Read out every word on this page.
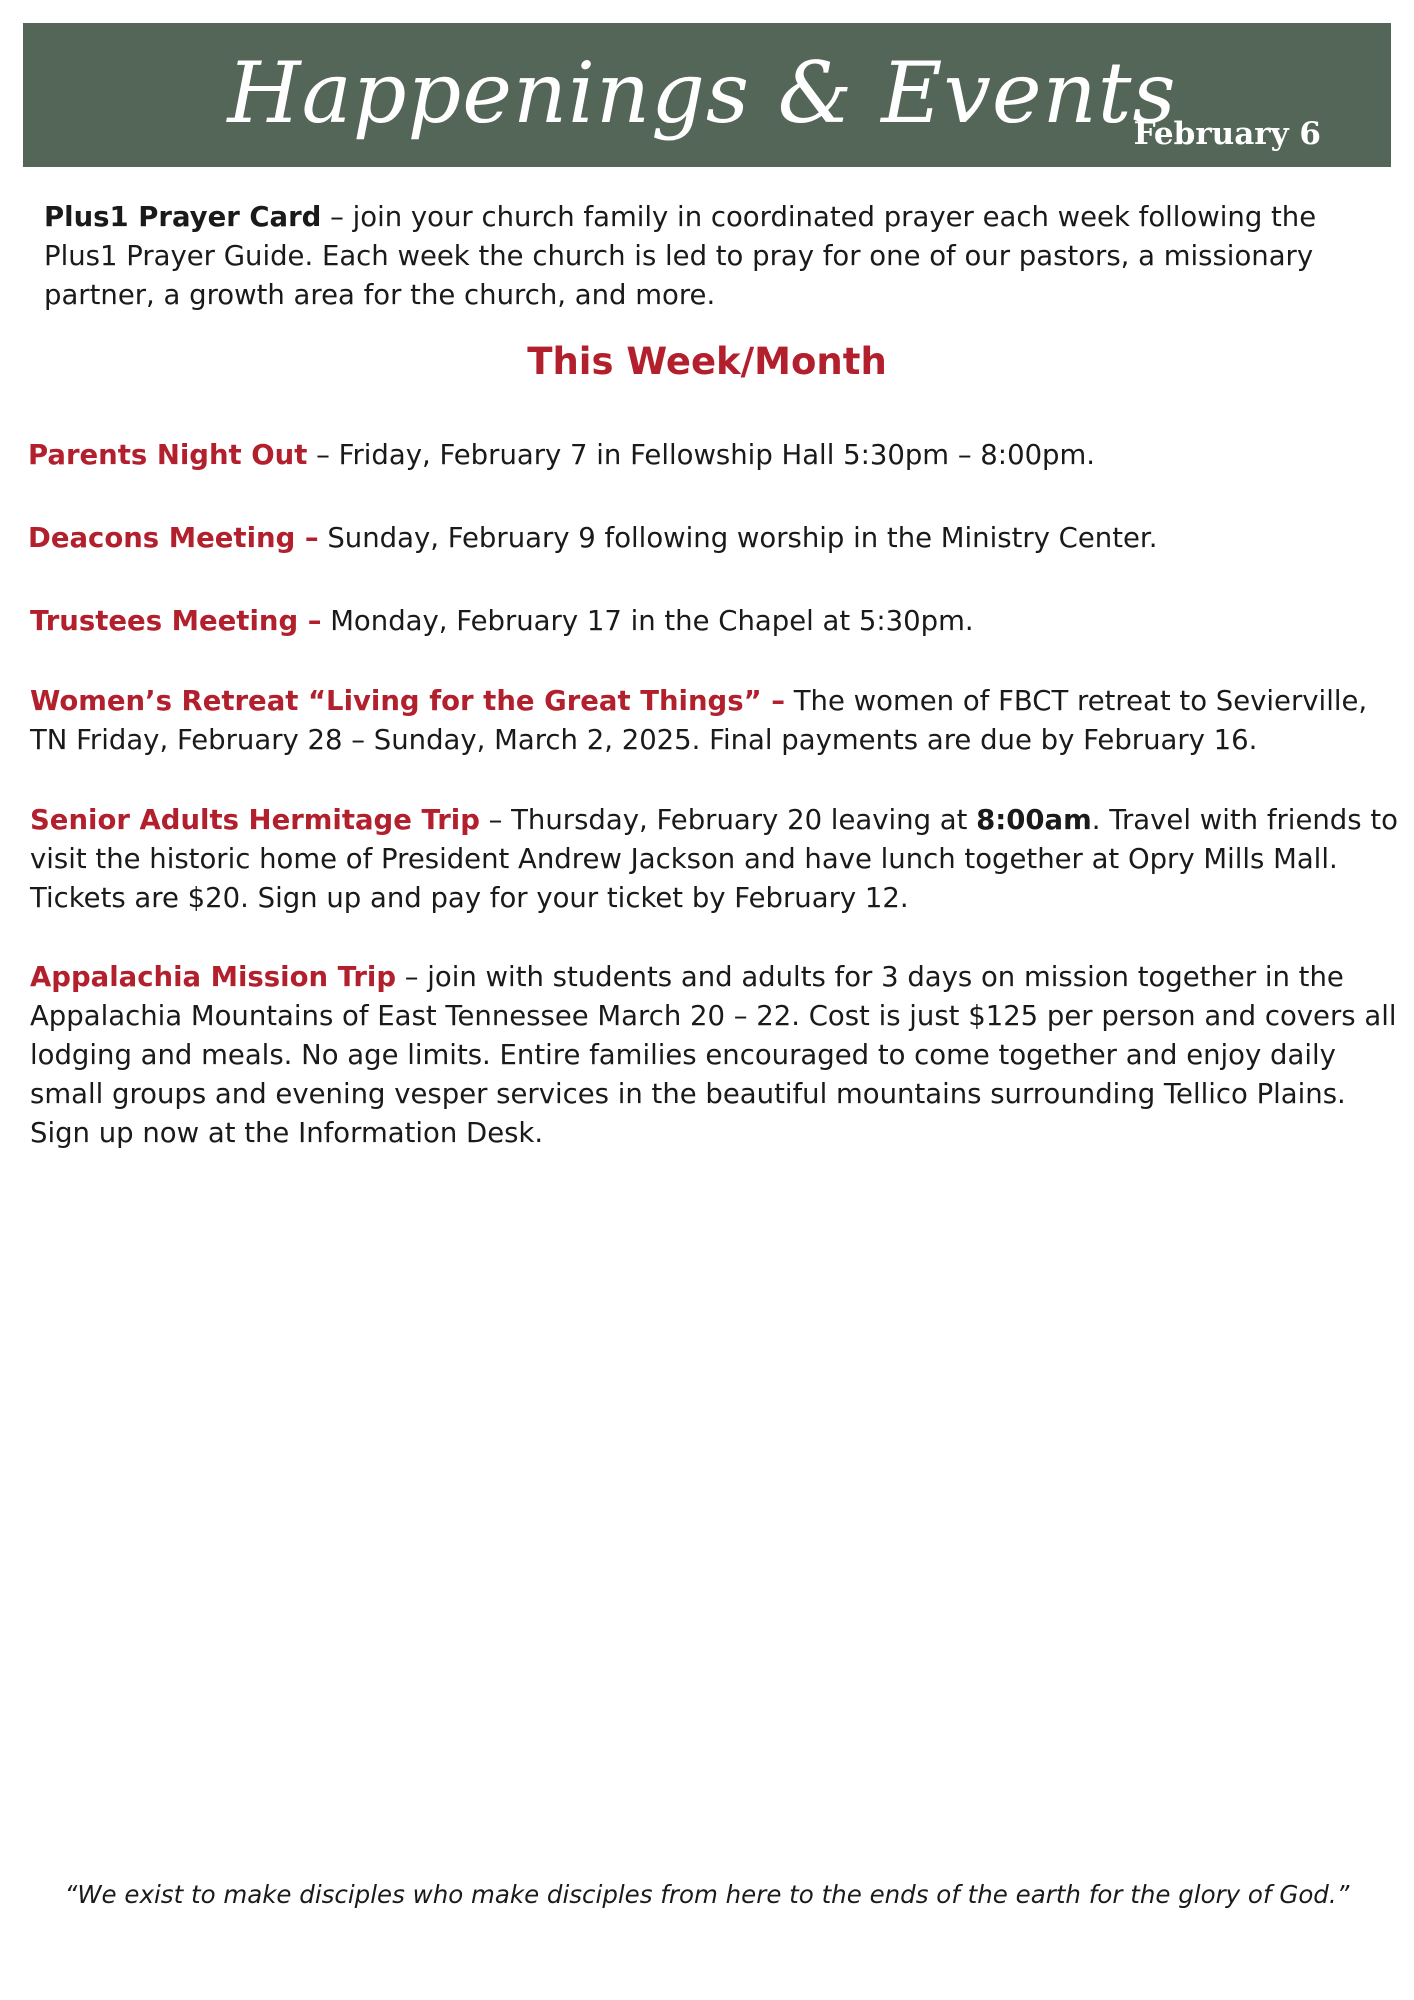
Happenings & Events
February 6
Plus1 Prayer Card – join your church family in coordinated prayer each week following the Plus1 Prayer Guide. Each week the church is led to pray for one of our pastors, a missionary partner, a growth area for the church, and more.
This Week/Month
Parents Night Out – Friday, February 7 in Fellowship Hall 5:30pm – 8:00pm.
Deacons Meeting – Sunday, February 9 following worship in the Ministry Center.
Trustees Meeting – Monday, February 17 in the Chapel at 5:30pm.
Women’s Retreat “Living for the Great Things” – The women of FBCT retreat to Sevierville, TN Friday, February 28 – Sunday, March 2, 2025. Final payments are due by February 16.
Senior Adults Hermitage Trip – Thursday, February 20 leaving at 8:00am. Travel with friends to visit the historic home of President Andrew Jackson and have lunch together at Opry Mills Mall. Tickets are $20. Sign up and pay for your ticket by February 12.
Appalachia Mission Trip – join with students and adults for 3 days on mission together in the Appalachia Mountains of East Tennessee March 20 – 22. Cost is just $125 per person and covers all lodging and meals. No age limits. Entire families encouraged to come together and enjoy daily small groups and evening vesper services in the beautiful mountains surrounding Tellico Plains.
Sign up now at the Information Desk.
“We exist to make disciples who make disciples from here to the ends of the earth for the glory of God.”
